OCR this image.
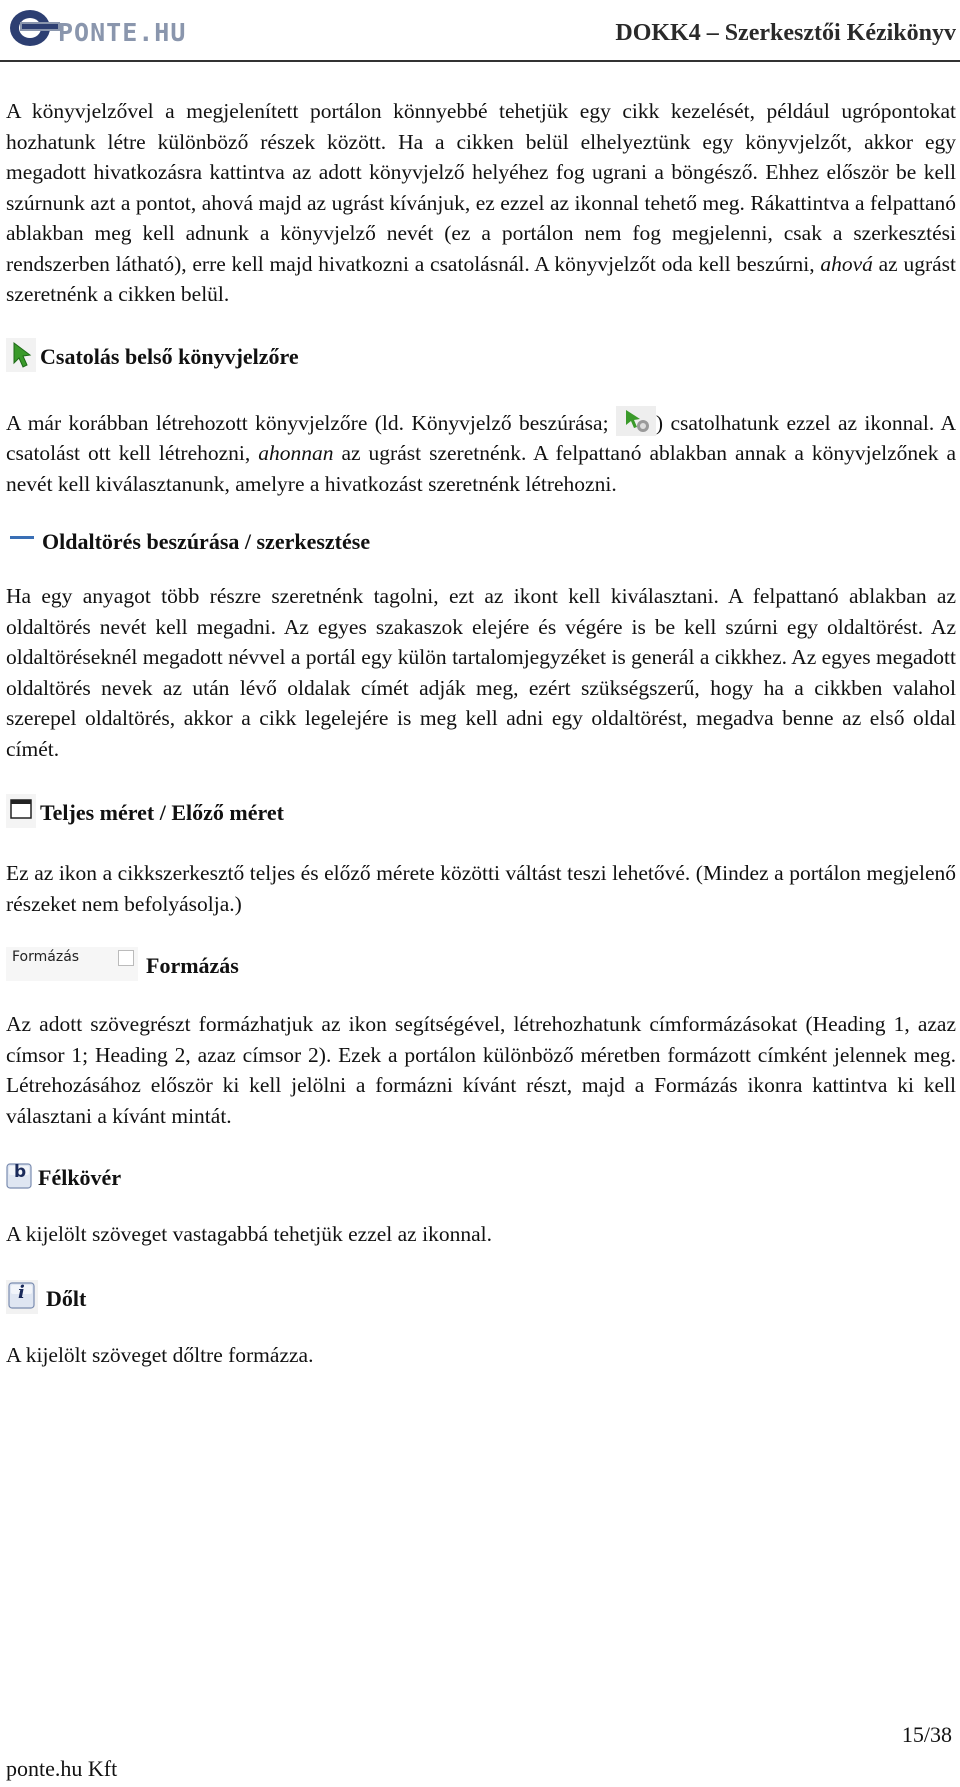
PONTE.HU	DOKK4 – Szerkesztői Kézikönyv

A könyvjelzővel a megjelenített portálon könnyebbé tehetjük egy cikk kezelését, például ugrópontokat hozhatunk létre különböző részek között. Ha a cikken belül elhelyeztünk egy könyvjelzőt, akkor egy megadott hivatkozásra kattintva az adott könyvjelző helyéhez fog ugrani a böngésző. Ehhez először be kell szúrnunk azt a pontot, ahová majd az ugrást kívánjuk, ez ezzel az ikonnal tehető meg. Rákattintva a felpattanó ablakban meg kell adnunk a könyvjelző nevét (ez a portálon nem fog megjelenni, csak a szerkesztési rendszerben látható), erre kell majd hivatkozni a csatolásnál. A könyvjelzőt oda kell beszúrni, ahová az ugrást szeretnénk a cikken belül.

Csatolás belső könyvjelzőre

A már korábban létrehozott könyvjelzőre (ld. Könyvjelző beszúrása; ) csatolhatunk ezzel az ikonnal. A csatolást ott kell létrehozni, ahonnan az ugrást szeretnénk. A felpattanó ablakban annak a könyvjelzőnek a nevét kell kiválasztanunk, amelyre a hivatkozást szeretnénk létrehozni.

Oldaltörés beszúrása / szerkesztése

Ha egy anyagot több részre szeretnénk tagolni, ezt az ikont kell kiválasztani. A felpattanó ablakban az oldaltörés nevét kell megadni. Az egyes szakaszok elejére és végére is be kell szúrni egy oldaltörést. Az oldaltöréseknél megadott névvel a portál egy külön tartalomjegyzéket is generál a cikkhez. Az egyes megadott oldaltörés nevek az után lévő oldalak címét adják meg, ezért szükségszerű, hogy ha a cikkben valahol szerepel oldaltörés, akkor a cikk legelejére is meg kell adni egy oldaltörést, megadva benne az első oldal címét.

Teljes méret / Előző méret

Ez az ikon a cikkszerkesztő teljes és előző mérete közötti váltást teszi lehetővé. (Mindez a portálon megjelenő részeket nem befolyásolja.)

Formázás	Formázás

Az adott szövegrészt formázhatjuk az ikon segítségével, létrehozhatunk címformázásokat (Heading 1, azaz címsor 1; Heading 2, azaz címsor 2). Ezek a portálon különböző méretben formázott címként jelennek meg. Létrehozásához először ki kell jelölni a formázni kívánt részt, majd a Formázás ikonra kattintva ki kell választani a kívánt mintát.

b Félkövér

A kijelölt szöveget vastagabbá tehetjük ezzel az ikonnal.

i Dőlt

A kijelölt szöveget dőltre formázza.

15/38
ponte.hu Kft
